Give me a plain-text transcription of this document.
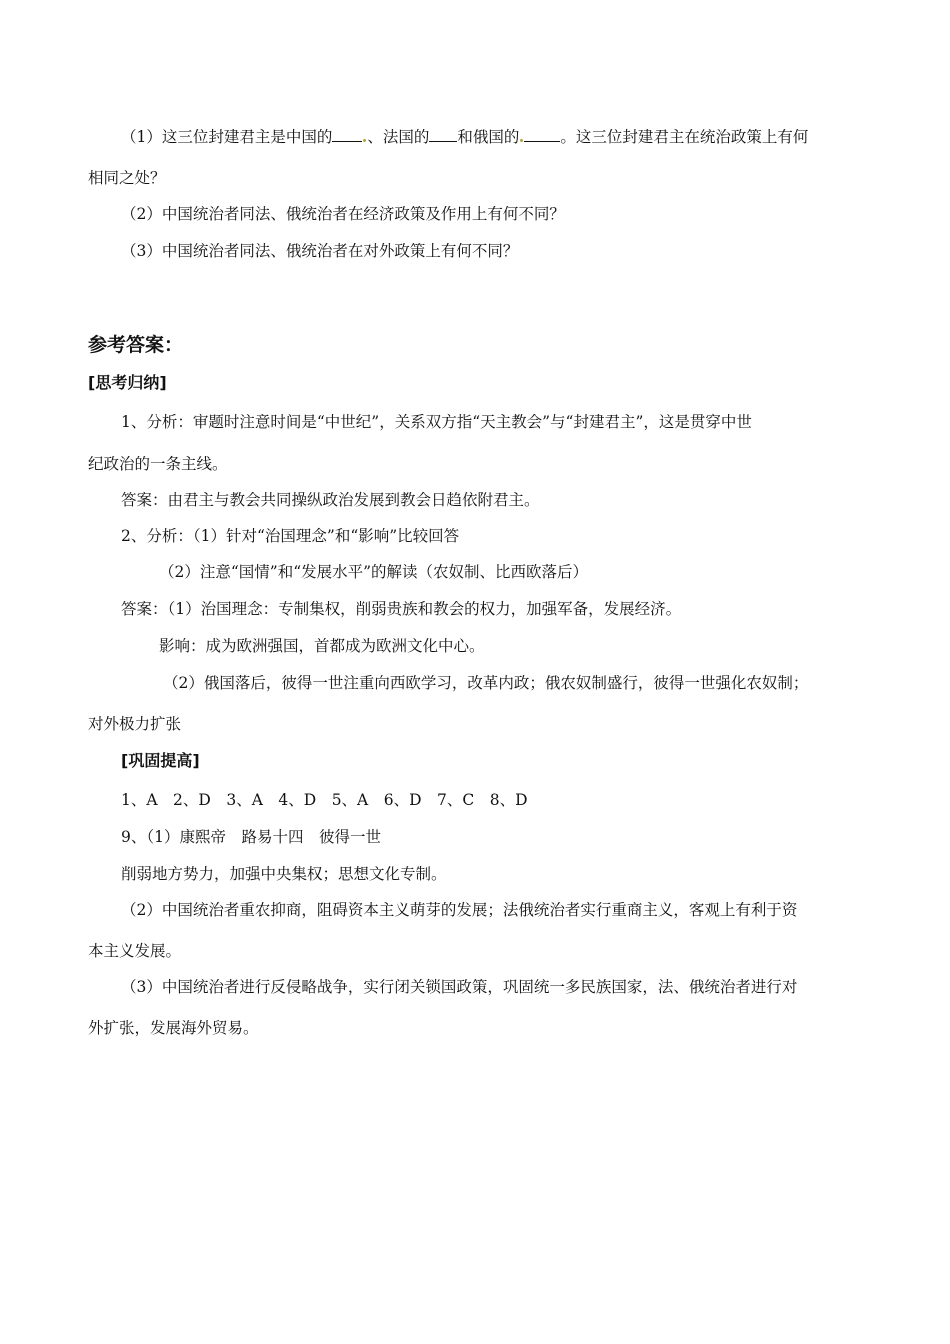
（1）这三位封建君主是中国的 、法国的 和俄国的	。这三位封建君主在统治政策上有何
相同之处？
（2）中国统治者同法、俄统治者在经济政策及作用上有何不同？
（3）中国统治者同法、俄统治者在对外政策上有何不同？
参考答案：
[思考归纳]
1、分析：审题时注意时间是“中世纪”，关系双方指“天主教会”与“封建君主”，这是贯穿中世
纪政治的一条主线。
答案：由君主与教会共同操纵政治发展到教会日趋依附君主。
2、分析：（1）针对“治国理念”和“影响”比较回答
（2）注意“国情”和“发展水平”的解读（农奴制、比西欧落后）
答案：（1）治国理念：专制集权，削弱贵族和教会的权力，加强军备，发展经济。
影响：成为欧洲强国，首都成为欧洲文化中心。
（2）俄国落后，彼得一世注重向西欧学习，改革内政；俄农奴制盛行，彼得一世强化农奴制；
对外极力扩张
[巩固提高]
1、A　2、D　3、A　4、D　5、A　6、D　7、C　8、D
9、（1）康熙帝　路易十四　彼得一世
削弱地方势力，加强中央集权；思想文化专制。
（2）中国统治者重农抑商，阻碍资本主义萌芽的发展；法俄统治者实行重商主义，客观上有利于资
本主义发展。
（3）中国统治者进行反侵略战争，实行闭关锁国政策，巩固统一多民族国家，法、俄统治者进行对
外扩张，发展海外贸易。
